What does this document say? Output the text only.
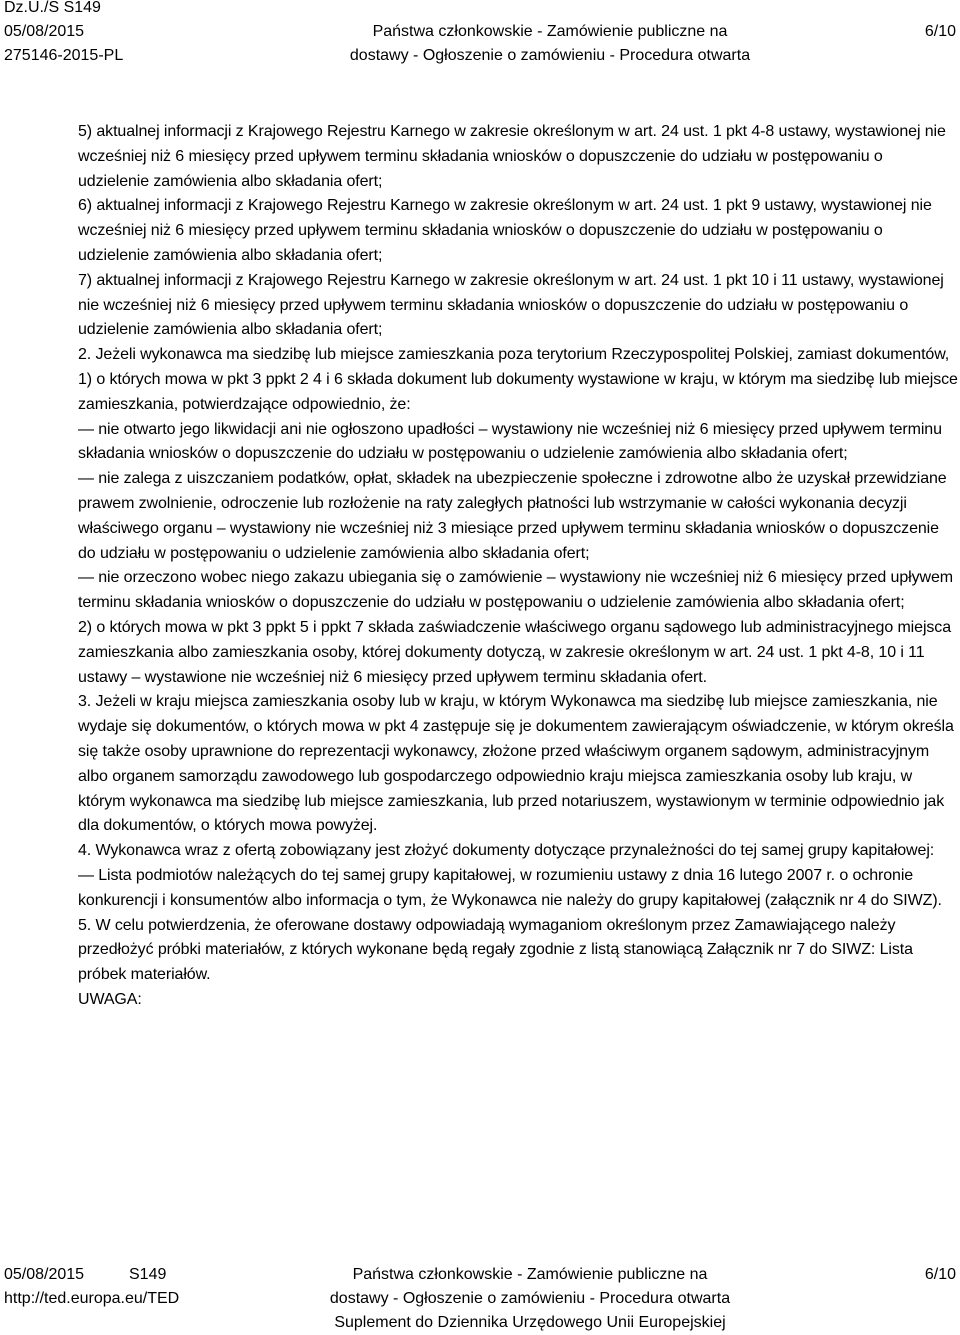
Dz.U./S S149
05/08/2015
275146-2015-PL
Państwa członkowskie - Zamówienie publiczne na
dostawy - Ogłoszenie o zamówieniu - Procedura otwarta
6/10

5) aktualnej informacji z Krajowego Rejestru Karnego w zakresie określonym w art. 24 ust. 1 pkt 4-8 ustawy, wystawionej nie wcześniej niż 6 miesięcy przed upływem terminu składania wniosków o dopuszczenie do udziału w postępowaniu o udzielenie zamówienia albo składania ofert;

6) aktualnej informacji z Krajowego Rejestru Karnego w zakresie określonym w art. 24 ust. 1 pkt 9 ustawy, wystawionej nie wcześniej niż 6 miesięcy przed upływem terminu składania wniosków o dopuszczenie do udziału w postępowaniu o udzielenie zamówienia albo składania ofert;

7) aktualnej informacji z Krajowego Rejestru Karnego w zakresie określonym w art. 24 ust. 1 pkt 10 i 11 ustawy, wystawionej nie wcześniej niż 6 miesięcy przed upływem terminu składania wniosków o dopuszczenie do udziału w postępowaniu o udzielenie zamówienia albo składania ofert;

2. Jeżeli wykonawca ma siedzibę lub miejsce zamieszkania poza terytorium Rzeczypospolitej Polskiej, zamiast dokumentów,

1) o których mowa w pkt 3 ppkt 2 4 i 6 składa dokument lub dokumenty wystawione w kraju, w którym ma siedzibę lub miejsce zamieszkania, potwierdzające odpowiednio, że:

— nie otwarto jego likwidacji ani nie ogłoszono upadłości – wystawiony nie wcześniej niż 6 miesięcy przed upływem terminu składania wniosków o dopuszczenie do udziału w postępowaniu o udzielenie zamówienia albo składania ofert;

— nie zalega z uiszczaniem podatków, opłat, składek na ubezpieczenie społeczne i zdrowotne albo że uzyskał przewidziane prawem zwolnienie, odroczenie lub rozłożenie na raty zaległych płatności lub wstrzymanie w całości wykonania decyzji właściwego organu – wystawiony nie wcześniej niż 3 miesiące przed upływem terminu składania wniosków o dopuszczenie do udziału w postępowaniu o udzielenie zamówienia albo składania ofert;

— nie orzeczono wobec niego zakazu ubiegania się o zamówienie – wystawiony nie wcześniej niż 6 miesięcy przed upływem terminu składania wniosków o dopuszczenie do udziału w postępowaniu o udzielenie zamówienia albo składania ofert;

2) o których mowa w pkt 3 ppkt 5 i ppkt 7 składa zaświadczenie właściwego organu sądowego lub administracyjnego miejsca zamieszkania albo zamieszkania osoby, której dokumenty dotyczą, w zakresie określonym w art. 24 ust. 1 pkt 4-8, 10 i 11 ustawy – wystawione nie wcześniej niż 6 miesięcy przed upływem terminu składania ofert.

3. Jeżeli w kraju miejsca zamieszkania osoby lub w kraju, w którym Wykonawca ma siedzibę lub miejsce zamieszkania, nie wydaje się dokumentów, o których mowa w pkt 4 zastępuje się je dokumentem zawierającym oświadczenie, w którym określa się także osoby uprawnione do reprezentacji wykonawcy, złożone przed właściwym organem sądowym, administracyjnym albo organem samorządu zawodowego lub gospodarczego odpowiednio kraju miejsca zamieszkania osoby lub kraju, w którym wykonawca ma siedzibę lub miejsce zamieszkania, lub przed notariuszem, wystawionym w terminie odpowiednio jak dla dokumentów, o których mowa powyżej.

4. Wykonawca wraz z ofertą zobowiązany jest złożyć dokumenty dotyczące przynależności do tej samej grupy kapitałowej:

— Lista podmiotów należących do tej samej grupy kapitałowej, w rozumieniu ustawy z dnia 16 lutego 2007 r. o ochronie konkurencji i konsumentów albo informacja o tym, że Wykonawca nie należy do grupy kapitałowej (załącznik nr 4 do SIWZ).

5. W celu potwierdzenia, że oferowane dostawy odpowiadają wymaganiom określonym przez Zamawiającego należy przedłożyć próbki materiałów, z których wykonane będą regały zgodnie z listą stanowiącą Załącznik nr 7 do SIWZ: Lista próbek materiałów.

UWAGA:

05/08/2015	S149
http://ted.europa.eu/TED
Państwa członkowskie - Zamówienie publiczne na
dostawy - Ogłoszenie o zamówieniu - Procedura otwarta
Suplement do Dziennika Urzędowego Unii Europejskiej
6/10
